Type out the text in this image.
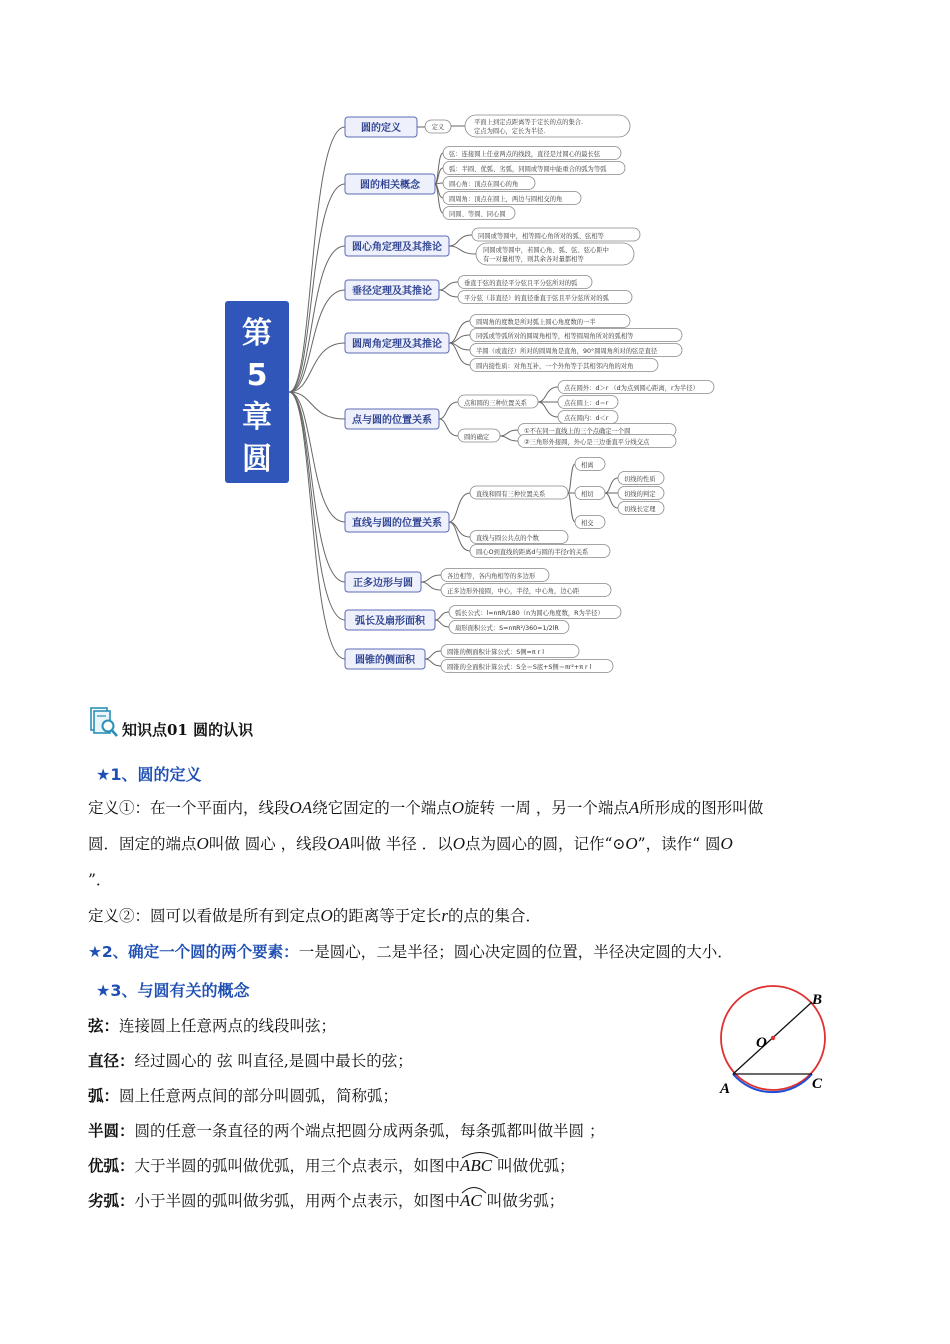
第
5
章
圆
圆的定义
圆的相关概念
圆心角定理及其推论
垂径定理及其推论
圆周角定理及其推论
点与圆的位置关系
直线与圆的位置关系
正多边形与圆
弧长及扇形面积
圆锥的侧面积
定义
平面上到定点距离等于定长的点的集合.
定点为圆心，定长为半径.
弦：连接圆上任意两点的线段，直径是过圆心的最长弦
弧：半圆、优弧、劣弧，同圆或等圆中能重合的弧为等弧
圆心角：顶点在圆心的角
圆周角：顶点在圆上，两边与圆相交的角
同圆、等圆、同心圆
同圆或等圆中，相等圆心角所对的弧、弦相等
同圆或等圆中，若圆心角、弧、弦、弦心距中
有一对量相等，则其余各对量都相等
垂直于弦的直径平分弦且平分弦所对的弧
平分弦（非直径）的直径垂直于弦且平分弦所对的弧
圆周角的度数是所对弧上圆心角度数的一半
同弧或等弧所对的圆周角相等，相等圆周角所对的弧相等
半圆（或直径）所对的圆周角是直角，90°圆周角所对的弦是直径
圆内接性质：对角互补，一个外角等于其相邻内角的对角
点和圆的三种位置关系
点在圆外：d＞r （d为点到圆心距离，r为半径）
点在圆上：d＝r
点在圆内：d＜r
圆的确定
①不在同一直线上的三个点确定一个圆
②三角形外接圆，外心是三边垂直平分线交点
直线和圆有三种位置关系
相离
相切
相交
切线的性质
切线的判定
切线长定理
直线与圆公共点的个数
圆心O到直线的距离d与圆的半径r的关系
各边相等，各内角相等的多边形
正多边形外接圆，中心，半径，中心角，边心距
弧长公式：l=nπR/180（n为圆心角度数，R为半径）
扇形面积公式：S=nπR²/360=1/2lR
圆锥的侧面积计算公式：S侧=π r l
圆锥的全面积计算公式：S全＝S底+S侧＝πr²+π r l
知识点01 圆的认识
★1、圆的定义
定义①：在一个平面内，线段OA绕它固定的一个端点O旋转 一周 ，另一个端点A所形成的图形叫做
圆．固定的端点O叫做 圆心 ，线段OA叫做 半径 ．以O点为圆心的圆，记作“⊙O”，读作“ 圆O
”．
定义②：圆可以看做是所有到定点O的距离等于定长r的点的集合．
★2、确定一个圆的两个要素：一是圆心，二是半径；圆心决定圆的位置，半径决定圆的大小．
★3、与圆有关的概念
弦：连接圆上任意两点的线段叫弦；
直径：经过圆心的 弦 叫直径,是圆中最长的弦；
弧：圆上任意两点间的部分叫圆弧，简称弧；
半圆：圆的任意一条直径的两个端点把圆分成两条弧，每条弧都叫做半圆 ；
优弧：大于半圆的弧叫做优弧，用三个点表示，如图中
ABC 叫做优弧；
劣弧：小于半圆的弧叫做劣弧，用两个点表示，如图中
AC 叫做劣弧；
B
O
A	C
